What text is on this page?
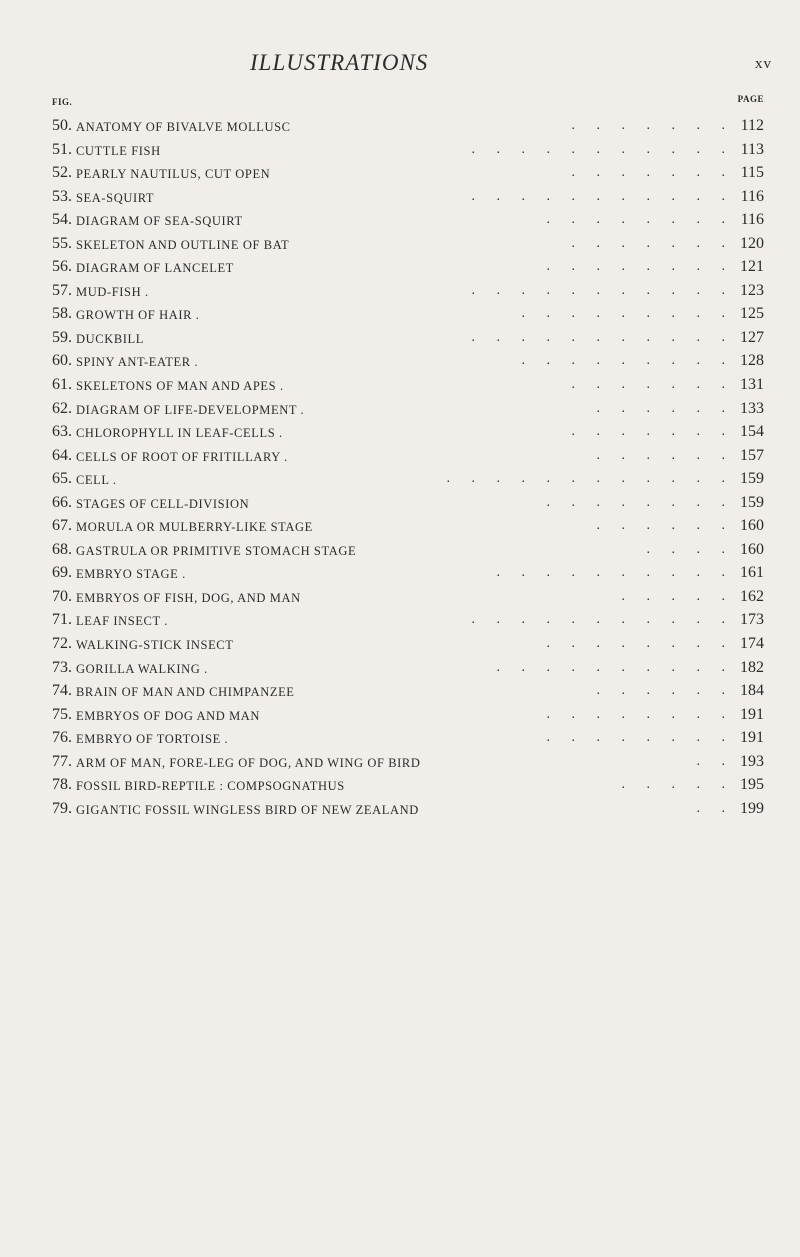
ILLUSTRATIONS	xv
FIG.	PAGE
50. ANATOMY OF BIVALVE MOLLUSC	. . . . . . . 112
51. CUTTLE FISH	. . . . . . . . . . . 113
52. PEARLY NAUTILUS, CUT OPEN	. . . . . . . 115
53. SEA-SQUIRT	. . . . . . . . . . . 116
54. DIAGRAM OF SEA-SQUIRT	. . . . . . . . 116
55. SKELETON AND OUTLINE OF BAT	. . . . . . . 120
56. DIAGRAM OF LANCELET	. . . . . . . . 121
57. MUD-FISH .	. . . . . . . . . . . 123
58. GROWTH OF HAIR .	. . . . . . . . . 125
59. DUCKBILL	. . . . . . . . . . . 127
60. SPINY ANT-EATER .	. . . . . . . . . 128
61. SKELETONS OF MAN AND APES .	. . . . . . . 131
62. DIAGRAM OF LIFE-DEVELOPMENT .	. . . . . . 133
63. CHLOROPHYLL IN LEAF-CELLS .	. . . . . . . 154
64. CELLS OF ROOT OF FRITILLARY .	. . . . . . 157
65. CELL .	. . . . . . . . . . . . 159
66. STAGES OF CELL-DIVISION	. . . . . . . . 159
67. MORULA OR MULBERRY-LIKE STAGE	. . . . . . 160
68. GASTRULA OR PRIMITIVE STOMACH STAGE	. . . . 160
69. EMBRYO STAGE .	. . . . . . . . . . 161
70. EMBRYOS OF FISH, DOG, AND MAN	. . . . . 162
71. LEAF INSECT .	. . . . . . . . . . . 173
72. WALKING-STICK INSECT	. . . . . . . . 174
73. GORILLA WALKING .	. . . . . . . . . . 182
74. BRAIN OF MAN AND CHIMPANZEE	. . . . . . 184
75. EMBRYOS OF DOG AND MAN	. . . . . . . . 191
76. EMBRYO OF TORTOISE .	. . . . . . . . 191
77. ARM OF MAN, FORE-LEG OF DOG, AND WING OF BIRD	. . 193
78. FOSSIL BIRD-REPTILE : COMPSOGNATHUS	. . . . . 195
79. GIGANTIC FOSSIL WINGLESS BIRD OF NEW ZEALAND	. . 199
